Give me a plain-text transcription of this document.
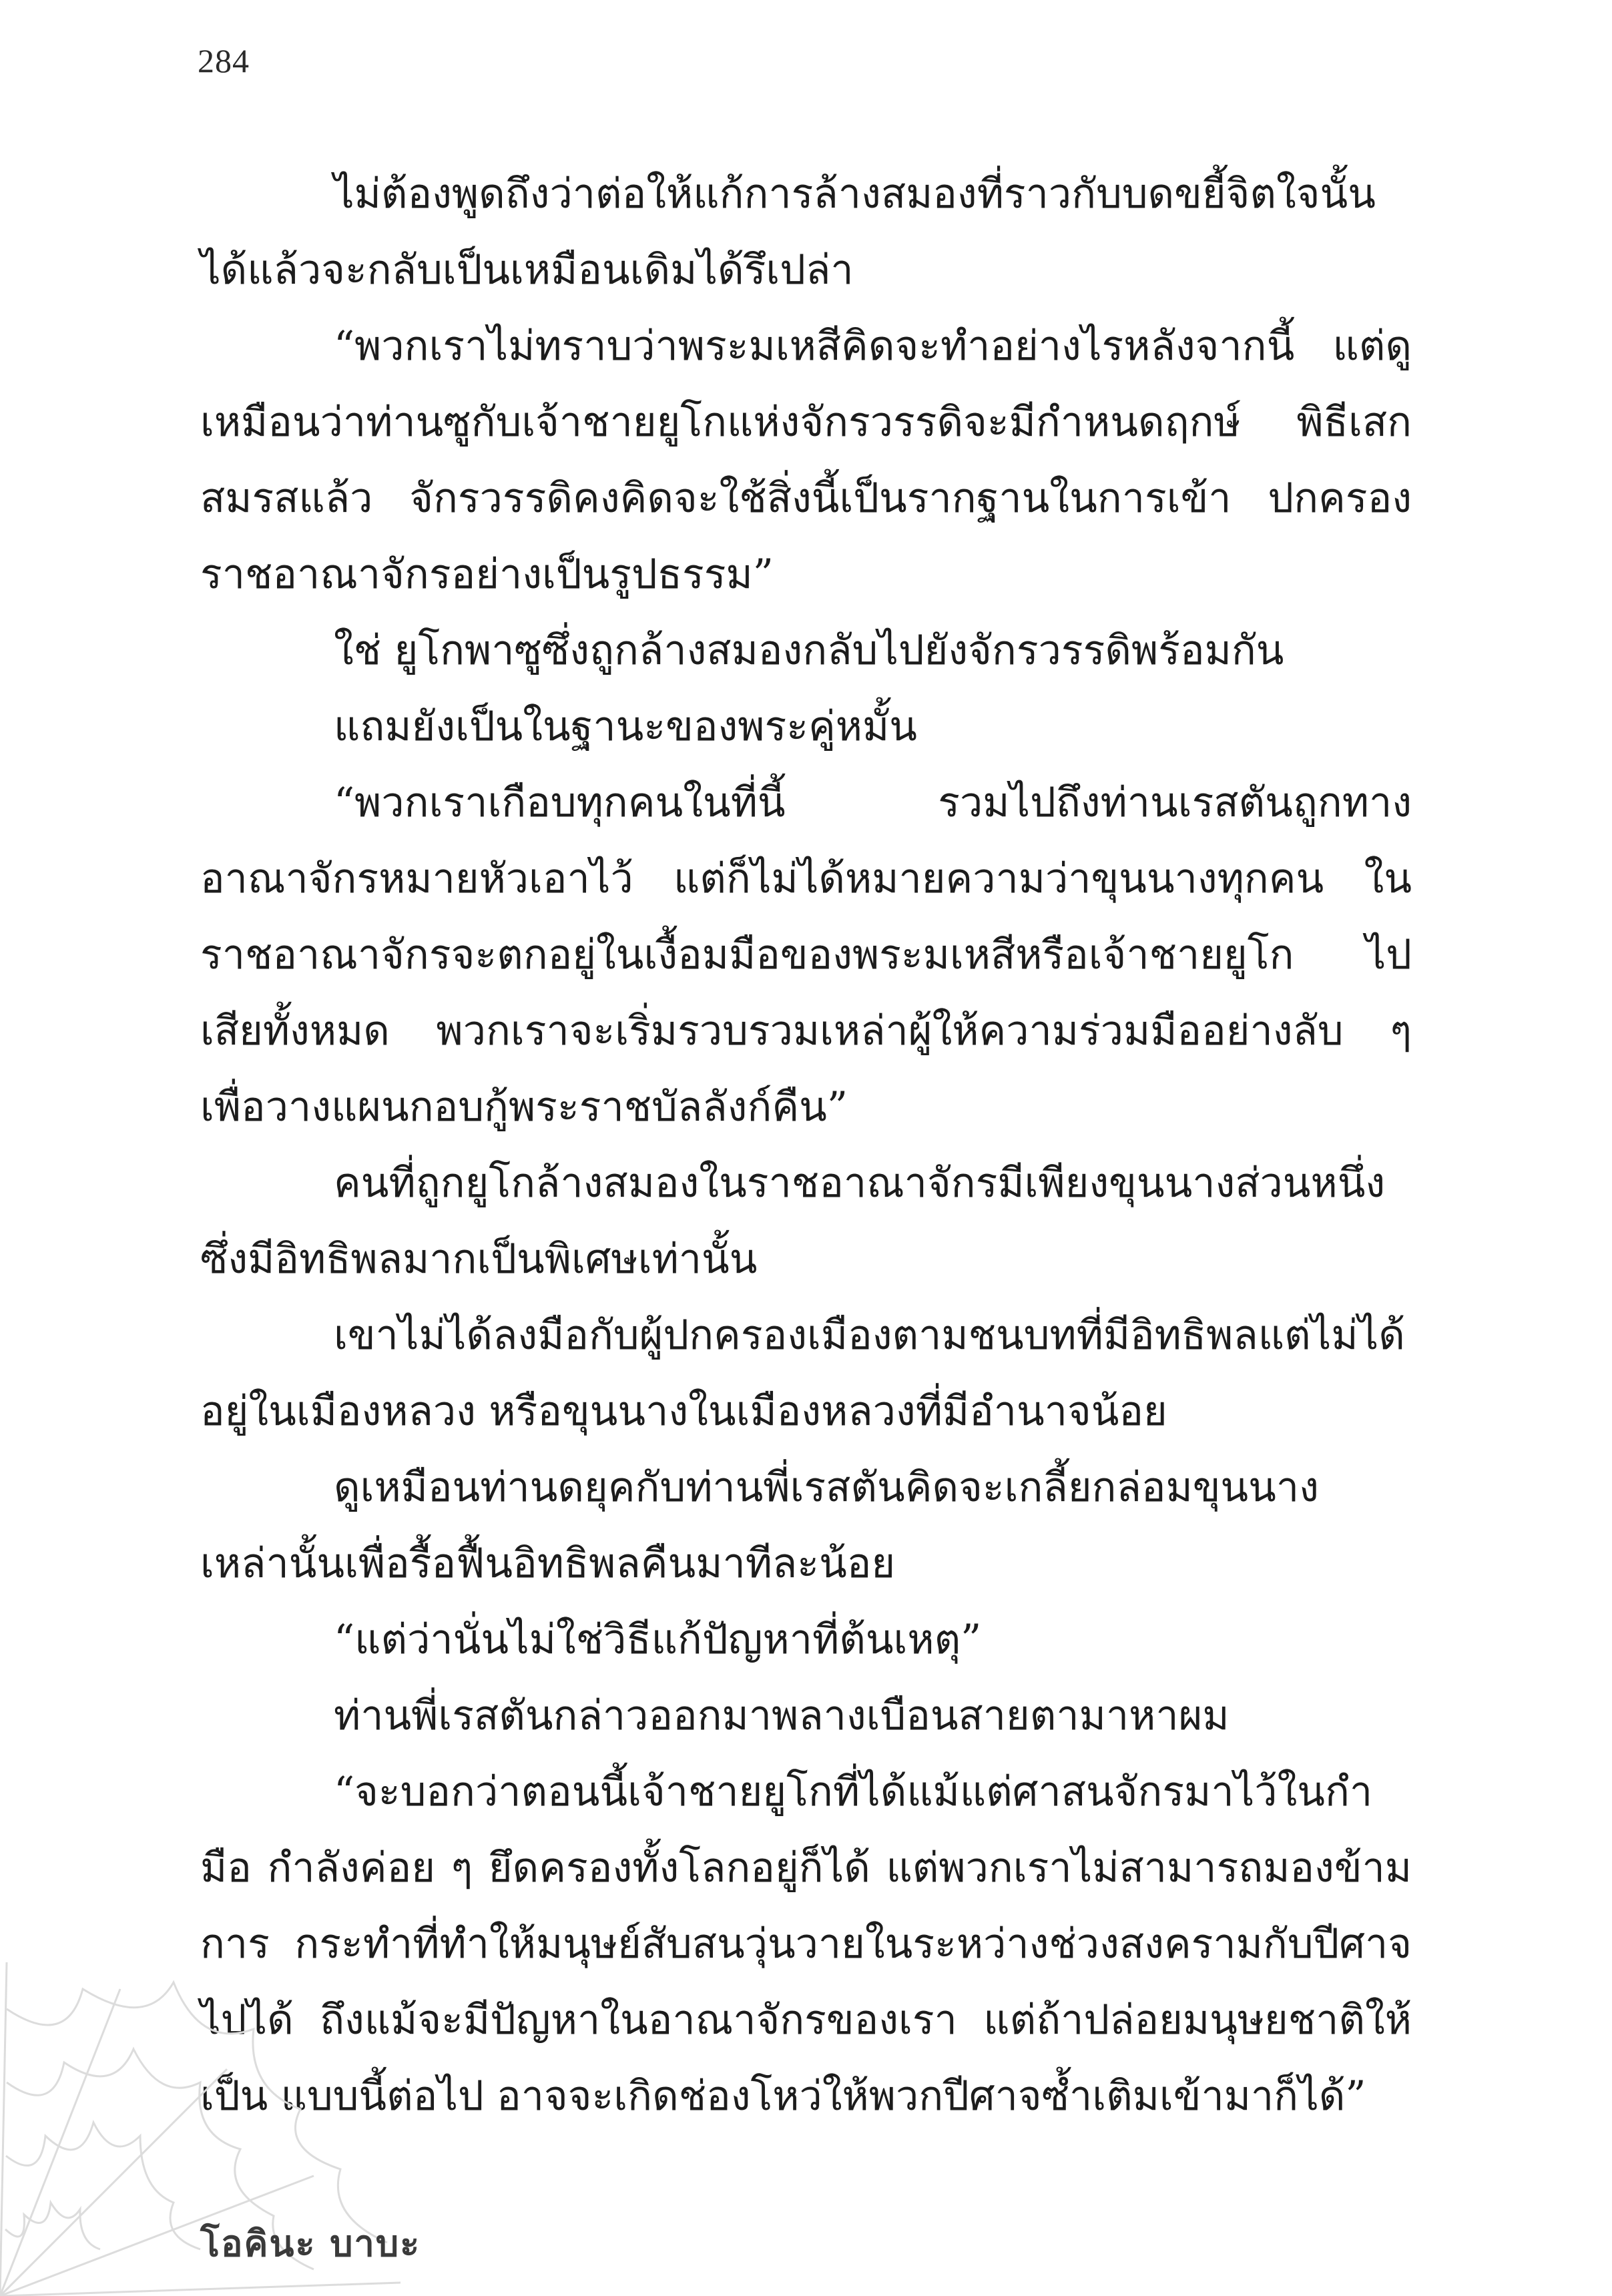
284

ไม่ต้องพูดถึงว่าต่อให้แก้การล้างสมองที่ราวกับบดขยี้จิตใจนั้น ได้แล้วจะกลับเป็นเหมือนเดิมได้รึเปล่า

“พวกเราไม่ทราบว่าพระมเหสีคิดจะทำอย่างไรหลังจากนี้ แต่ดูเหมือนว่าท่านซูกับเจ้าชายยูโกแห่งจักรวรรดิจะมีกำหนดฤกษ์ พิธีเสกสมรสแล้ว จักรวรรดิคงคิดจะใช้สิ่งนี้เป็นรากฐานในการเข้า ปกครองราชอาณาจักรอย่างเป็นรูปธรรม”

ใช่ ยูโกพาซูซึ่งถูกล้างสมองกลับไปยังจักรวรรดิพร้อมกัน

แถมยังเป็นในฐานะของพระคู่หมั้น

“พวกเราเกือบทุกคนในที่นี้ รวมไปถึงท่านเรสตันถูกทาง อาณาจักรหมายหัวเอาไว้ แต่ก็ไม่ได้หมายความว่าขุนนางทุกคน ในราชอาณาจักรจะตกอยู่ในเงื้อมมือของพระมเหสีหรือเจ้าชายยูโก ไปเสียทั้งหมด พวกเราจะเริ่มรวบรวมเหล่าผู้ให้ความร่วมมืออย่างลับ ๆ เพื่อวางแผนกอบกู้พระราชบัลลังก์คืน”

คนที่ถูกยูโกล้างสมองในราชอาณาจักรมีเพียงขุนนางส่วนหนึ่ง ซึ่งมีอิทธิพลมากเป็นพิเศษเท่านั้น

เขาไม่ได้ลงมือกับผู้ปกครองเมืองตามชนบทที่มีอิทธิพลแต่ไม่ได้ อยู่ในเมืองหลวง หรือขุนนางในเมืองหลวงที่มีอำนาจน้อย

ดูเหมือนท่านดยุคกับท่านพี่เรสตันคิดจะเกลี้ยกล่อมขุนนาง เหล่านั้นเพื่อรื้อฟื้นอิทธิพลคืนมาทีละน้อย

“แต่ว่านั่นไม่ใช่วิธีแก้ปัญหาที่ต้นเหตุ”

ท่านพี่เรสตันกล่าวออกมาพลางเบือนสายตามาหาผม

“จะบอกว่าตอนนี้เจ้าชายยูโกที่ได้แม้แต่ศาสนจักรมาไว้ในกำมือ กำลังค่อย ๆ ยึดครองทั้งโลกอยู่ก็ได้ แต่พวกเราไม่สามารถมองข้ามการ กระทำที่ทำให้มนุษย์สับสนวุ่นวายในระหว่างช่วงสงครามกับปีศาจไปได้ ถึงแม้จะมีปัญหาในอาณาจักรของเรา แต่ถ้าปล่อยมนุษยชาติให้เป็น แบบนี้ต่อไป อาจจะเกิดช่องโหว่ให้พวกปีศาจซ้ำเติมเข้ามาก็ได้”

โอคินะ บาบะ
